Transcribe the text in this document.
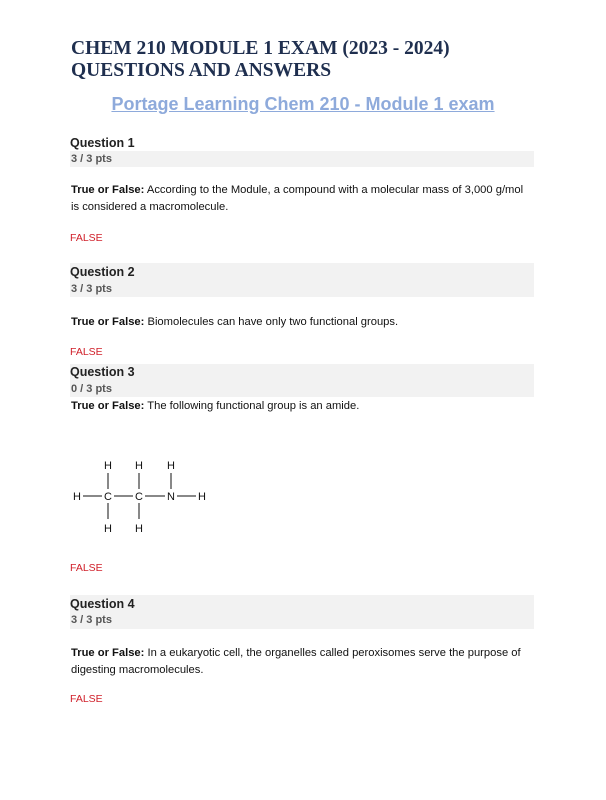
CHEM 210 MODULE 1 EXAM (2023 - 2024)
QUESTIONS AND ANSWERS
Portage Learning Chem 210 - Module 1 exam
Question 1
3 / 3 pts
True or False: According to the Module, a compound with a molecular mass of 3,000 g/mol is considered a macromolecule.
FALSE
Question 2
3 / 3 pts
True or False: Biomolecules can have only two functional groups.
FALSE
Question 3
0 / 3 pts
True or False: The following functional group is an amide.
H H H
H C C N H
H H
FALSE
Question 4
3 / 3 pts
True or False: In a eukaryotic cell, the organelles called peroxisomes serve the purpose of digesting macromolecules.
FALSE
